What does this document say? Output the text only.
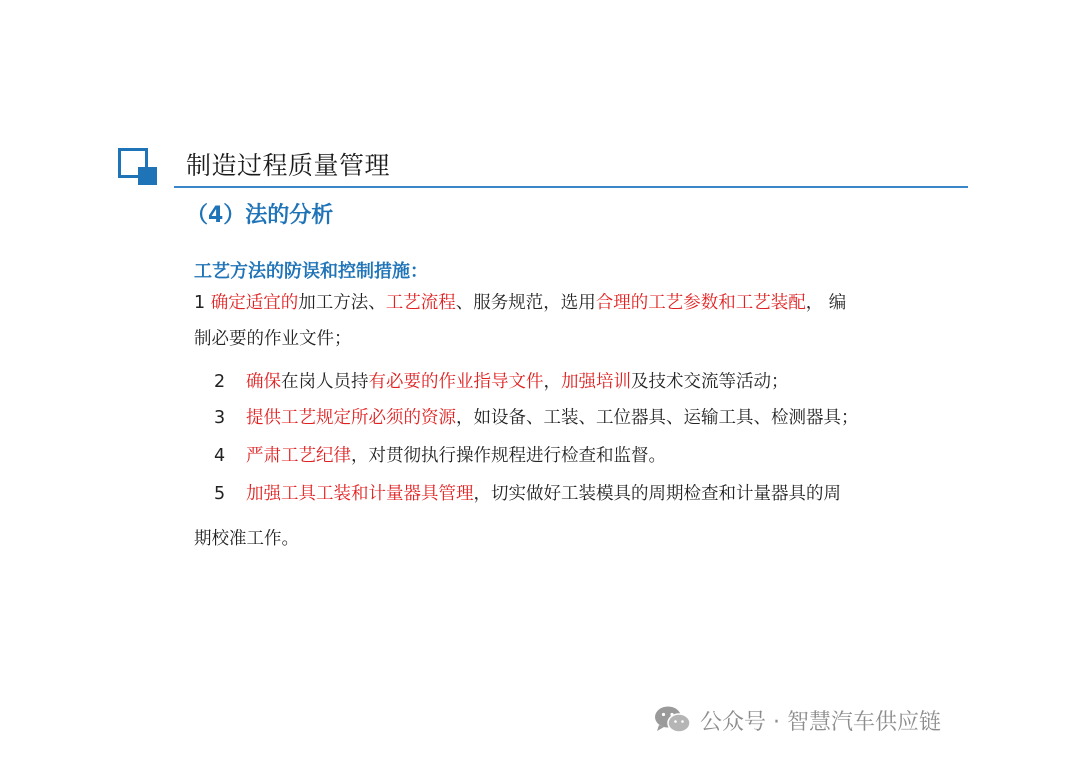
制造过程质量管理
（4）法的分析
工艺方法的防误和控制措施：
1 确定适宜的加工方法、工艺流程、服务规范，选用合理的工艺参数和工艺装配， 编
制必要的作业文件；
2 确保在岗人员持有必要的作业指导文件，加强培训及技术交流等活动；
3 提供工艺规定所必须的资源，如设备、工装、工位器具、运输工具、检测器具；
4 严肃工艺纪律，对贯彻执行操作规程进行检查和监督。
5 加强工具工装和计量器具管理，切实做好工装模具的周期检查和计量器具的周
期校准工作。
公众号 · 智慧汽车供应链
